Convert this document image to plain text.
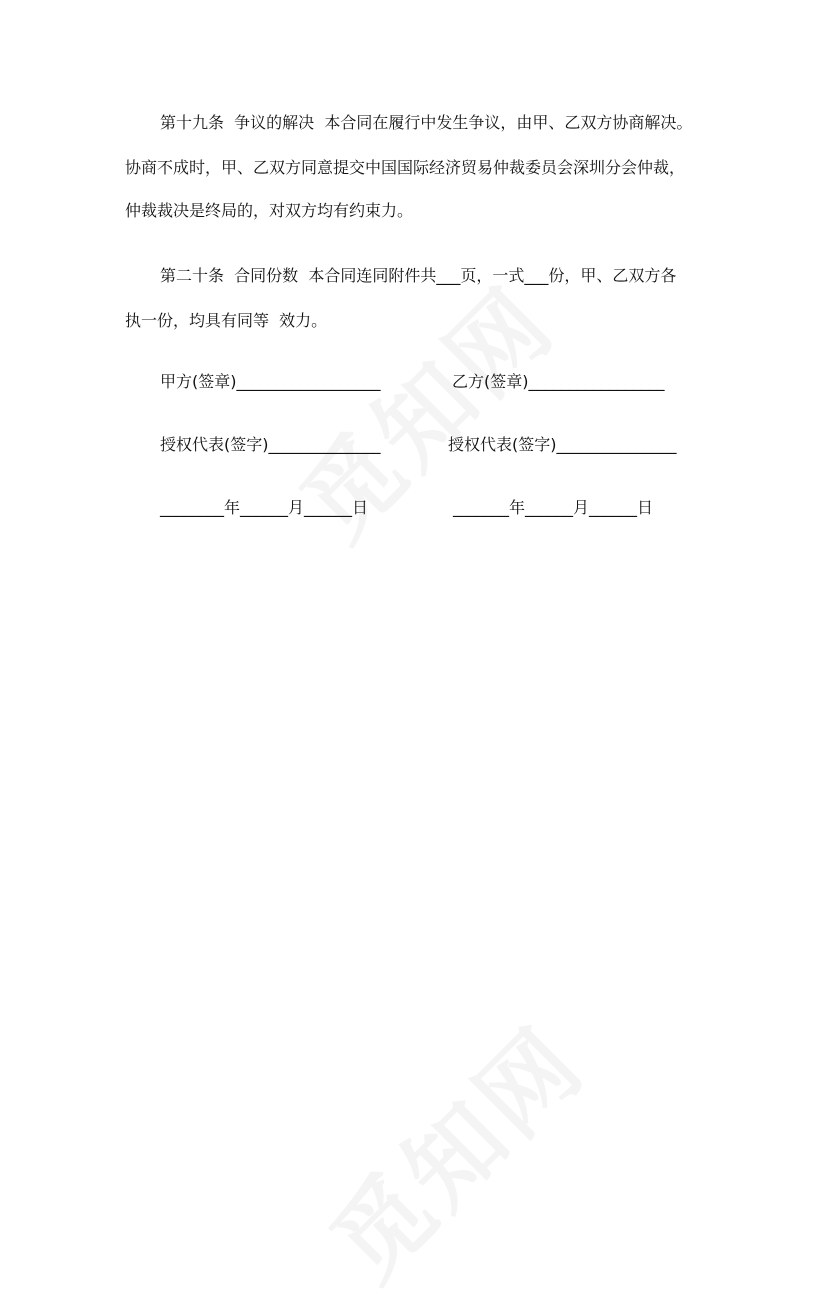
第十九条  争议的解决  本合同在履行中发生争议，由甲、乙双方协商解决。
协商不成时，甲、乙双方同意提交中国国际经济贸易仲裁委员会深圳分会仲裁，
仲裁裁决是终局的，对双方均有约束力。
第二十条  合同份数  本合同连同附件共___页，一式___份，甲、乙双方各
执一份，均具有同等  效力。
甲方(签章)__________________	乙方(签章)_________________
授权代表(签字)______________	授权代表(签字)_______________
________年______月______日	_______年______月______日
